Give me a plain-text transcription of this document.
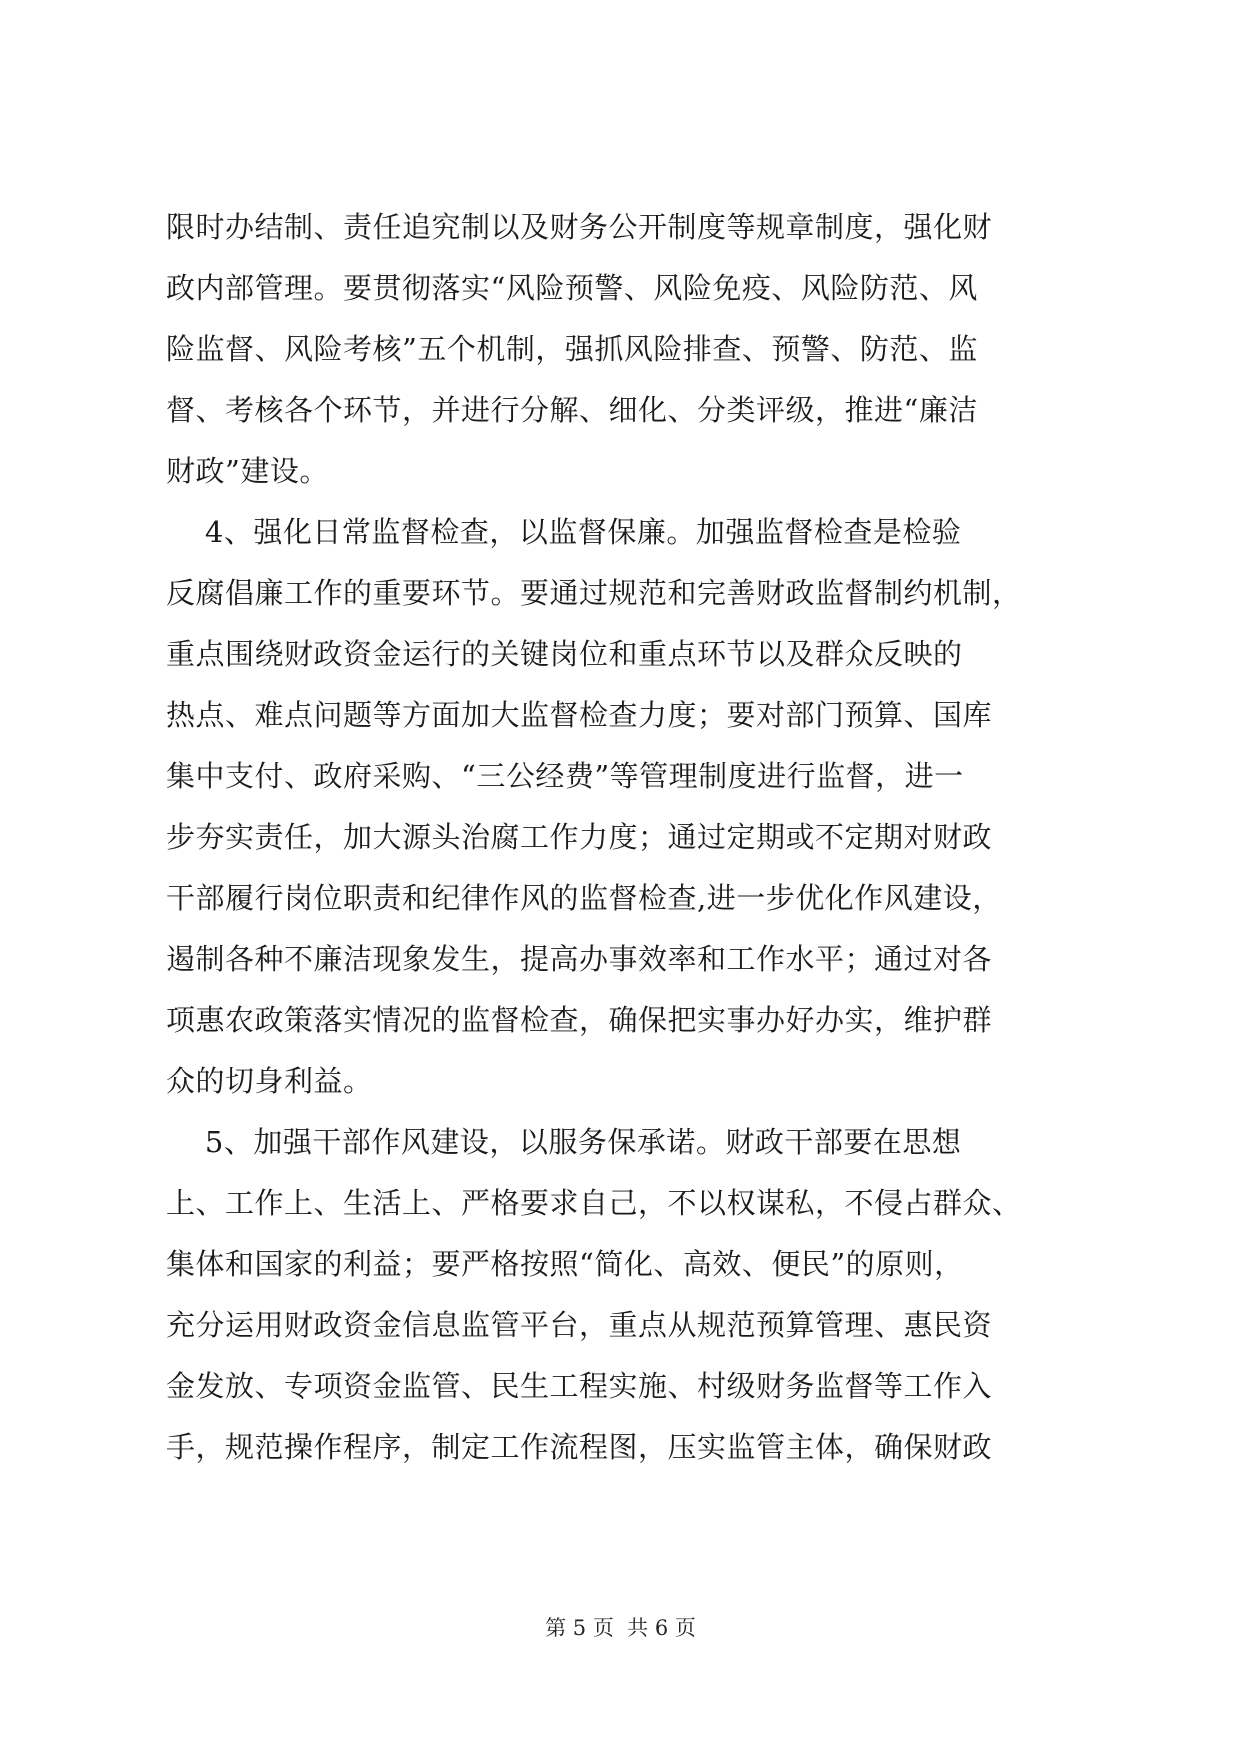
限时办结制、责任追究制以及财务公开制度等规章制度，强化财
政内部管理。要贯彻落实“风险预警、风险免疫、风险防范、风
险监督、风险考核”五个机制，强抓风险排查、预警、防范、监
督、考核各个环节，并进行分解、细化、分类评级，推进“廉洁
财政”建设。
4、强化日常监督检查，以监督保廉。加强监督检查是检验
反腐倡廉工作的重要环节。要通过规范和完善财政监督制约机制，
重点围绕财政资金运行的关键岗位和重点环节以及群众反映的
热点、难点问题等方面加大监督检查力度；要对部门预算、国库
集中支付、政府采购、“三公经费”等管理制度进行监督，进一
步夯实责任，加大源头治腐工作力度；通过定期或不定期对财政
干部履行岗位职责和纪律作风的监督检查,进一步优化作风建设，
遏制各种不廉洁现象发生，提高办事效率和工作水平；通过对各
项惠农政策落实情况的监督检查，确保把实事办好办实，维护群
众的切身利益。
5、加强干部作风建设，以服务保承诺。财政干部要在思想
上、工作上、生活上、严格要求自己，不以权谋私，不侵占群众、
集体和国家的利益；要严格按照“简化、高效、便民”的原则，
充分运用财政资金信息监管平台，重点从规范预算管理、惠民资
金发放、专项资金监管、民生工程实施、村级财务监督等工作入
手，规范操作程序，制定工作流程图，压实监管主体，确保财政
第 5 页  共 6 页
